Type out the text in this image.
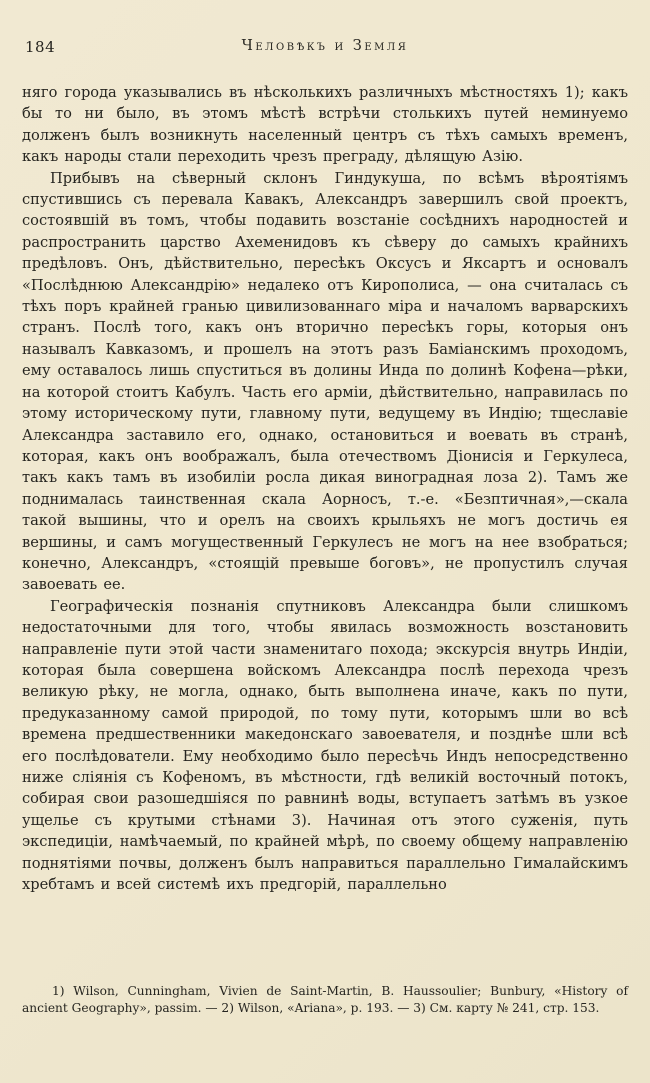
184	Человѣкъ и Земля

няго города указывались въ нѣсколькихъ различныхъ мѣстностяхъ 1); какъ бы то ни было, въ этомъ мѣстѣ встрѣчи столькихъ путей неминуемо долженъ былъ возникнуть населенный центръ съ тѣхъ самыхъ временъ, какъ народы стали переходить чрезъ преграду, дѣлящую Азію.

Прибывъ на сѣверный склонъ Гиндукуша, по всѣмъ вѣроятіямъ спустившись съ перевала Кавакъ, Александръ завершилъ свой проектъ, состоявшій въ томъ, чтобы подавить возстаніе сосѣднихъ народностей и распространить царство Ахеменидовъ къ сѣверу до самыхъ крайнихъ предѣловъ. Онъ, дѣйствительно, пересѣкъ Оксусъ и Яксартъ и основалъ «Послѣднюю Александрію» недалеко отъ Кирополиса, — она считалась съ тѣхъ поръ крайней гранью цивилизованнаго міра и началомъ варварскихъ странъ. Послѣ того, какъ онъ вторично пересѣкъ горы, которыя онъ называлъ Кавказомъ, и прошелъ на этотъ разъ Баміанскимъ проходомъ, ему оставалось лишь спуститься въ долины Инда по долинѣ Кофена—рѣки, на которой стоитъ Кабулъ. Часть его арміи, дѣйствительно, направилась по этому историческому пути, главному пути, ведущему въ Индію; тщеславіе Александра заставило его, однако, остановиться и воевать въ странѣ, которая, какъ онъ воображалъ, была отечествомъ Діонисія и Геркулеса, такъ какъ тамъ въ изобиліи росла дикая виноградная лоза 2). Тамъ же поднималась таинственная скала Аорносъ, т.-е. «Безптичная»,—скала такой вышины, что и орелъ на своихъ крыльяхъ не могъ достичь ея вершины, и самъ могущественный Геркулесъ не могъ на нее взобраться; конечно, Александръ, «стоящій превыше боговъ», не пропустилъ случая завоевать ее.

Географическія познанія спутниковъ Александра были слишкомъ недостаточными для того, чтобы явилась возможность возстановить направленіе пути этой части знаменитаго похода; экскурсія внутрь Индіи, которая была совершена войскомъ Александра послѣ перехода чрезъ великую рѣку, не могла, однако, быть выполнена иначе, какъ по пути, предуказанному самой природой, по тому пути, которымъ шли во всѣ времена предшественники македонскаго завоевателя, и позднѣе шли всѣ его послѣдователи. Ему необходимо было пересѣчь Индъ непосредственно ниже сліянія съ Кофеномъ, въ мѣстности, гдѣ великій восточный потокъ, собирая свои разошедшіяся по равнинѣ воды, вступаетъ затѣмъ въ узкое ущелье съ крутыми стѣнами 3). Начиная отъ этого суженія, путь экспедиціи, намѣчаемый, по крайней мѣрѣ, по своему общему направленію поднятіями почвы, долженъ былъ направиться параллельно Гималайскимъ хребтамъ и всей системѣ ихъ предгорій, параллельно

1) Wilson, Cunningham, Vivien de Saint-Martin, B. Haussoulier; Bunbury, «History of ancient Geography», passim. — 2) Wilson, «Ariana», p. 193. — 3) См. карту № 241, стр. 153.
